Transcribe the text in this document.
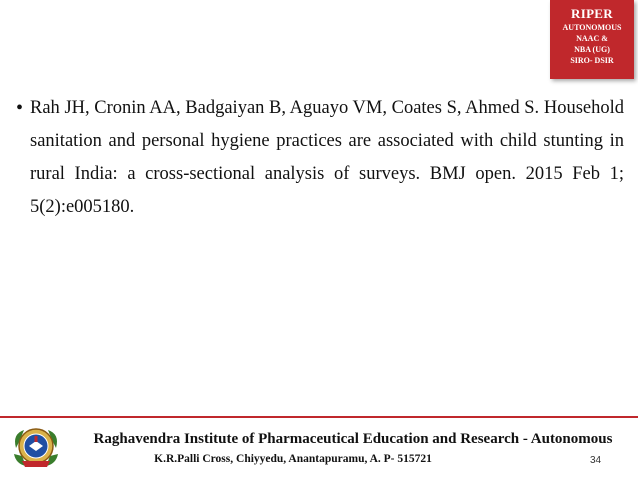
RIPER
AUTONOMOUS
NAAC &
NBA (UG)
SIRO- DSIR
• Rah JH, Cronin AA, Badgaiyan B, Aguayo VM, Coates S, Ahmed S. Household sanitation and personal hygiene practices are associated with child stunting in rural India: a cross-sectional analysis of surveys. BMJ open. 2015 Feb 1; 5(2):e005180.
Raghavendra Institute of Pharmaceutical Education and Research - Autonomous
K.R.Palli Cross, Chiyyedu, Anantapuramu, A. P- 515721	34
